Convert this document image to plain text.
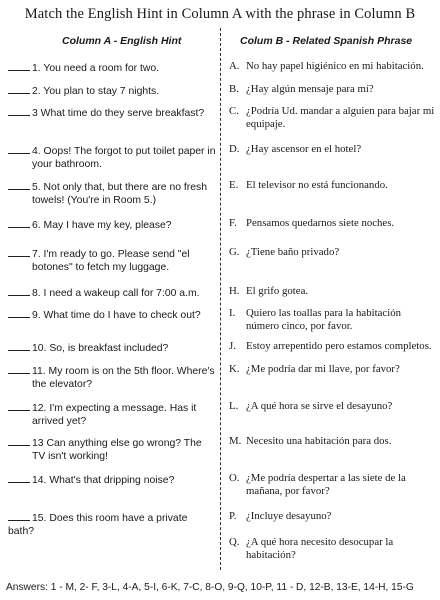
Match the English Hint in Column A with the phrase in Column B
Column A - English Hint	Colum B - Related Spanish Phrase
1. You need a room for two.
2. You plan to stay 7 nights.
3 What time do they serve breakfast?
4. Oops! The forgot to put toilet paper in
your bathroom.
5. Not only that, but there are no fresh
towels! (You're in Room 5.)
6. May I have my key, please?
7. I'm ready to go. Please send "el
botones" to fetch my luggage.
8. I need a wakeup call for 7:00 a.m.
9. What time do I have to check out?
10. So, is breakfast included?
11. My room is on the 5th floor. Where's
the elevator?
12. I'm expecting a message. Has it
arrived yet?
13 Can anything else go wrong? The
TV isn't working!
14. What's that dripping noise?
15. Does this room have a private bath?
A. No hay papel higiénico en mi habitación.
B. ¿Hay algún mensaje para mí?
C. ¿Podría Ud. mandar a alguien para bajar mi
equipaje.
D. ¿Hay ascensor en el hotel?
E. El televisor no está funcionando.
F. Pensamos quedarnos siete noches.
G. ¿Tiene baño privado?
H. El grifo gotea.
I. Quiero las toallas para la habitación
número cinco, por favor.
J. Estoy arrepentido pero estamos completos.
K. ¿Me podría dar mi llave, por favor?
L. ¿A qué hora se sirve el desayuno?
M. Necesito una habitación para dos.
O. ¿Me podría despertar a las siete de la
mañana, por favor?
P. ¿Incluye desayuno?
Q. ¿A qué hora necesito desocupar la
habitación?
Answers: 1 - M, 2- F, 3-L, 4-A, 5-I, 6-K, 7-C, 8-O, 9-Q, 10-P, 11 - D, 12-B, 13-E, 14-H, 15-G
